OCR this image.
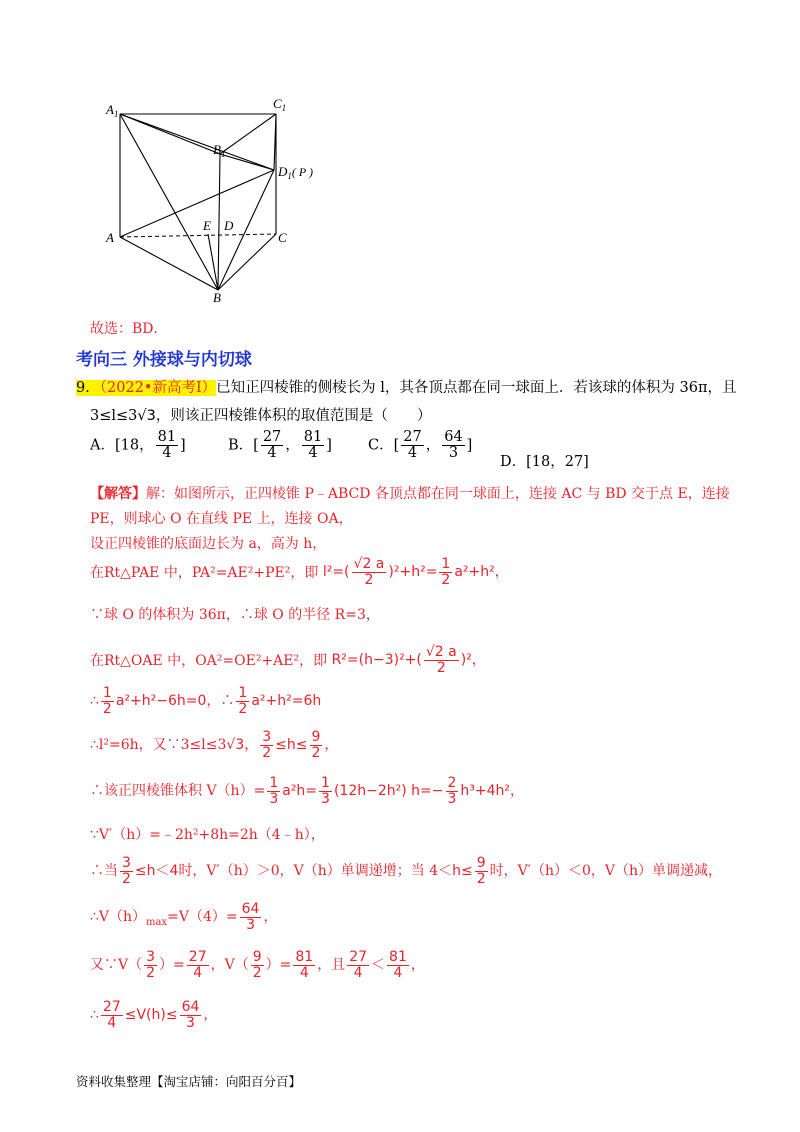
$A_1$
$C_1$
$B_1$
$D_1$( P )
A
E D
C
B
故选：BD．
考向三 外接球与内切球
9．（2022•新高考Ⅰ）已知正四棱锥的侧棱长为 l，其各顶点都在同一球面上．若该球的体积为 36π，且
3≤l≤3√3，则该正四棱锥体积的取值范围是（　　）
A．[18， $\frac{81}{4}$ ]	B．[ $\frac{27}{4}$ ， $\frac{81}{4}$ ] C．[ $\frac{27}{4}$ ， $\frac{64}{3}$ ]
D．[18，27]
【解答】解：如图所示，正四棱锥 P﹣ABCD 各顶点都在同一球面上，连接 AC 与 BD 交于点 E，连接
PE，则球心 O 在直线 PE 上，连接 OA，
设正四棱锥的底面边长为 a，高为 h，
在Rt△PAE 中，PA²=AE²+PE²，即 $l^2=( \frac{√2 a}{2} )^2+h^2= \frac{1}{2} a^2+h^2$，
∵球 O 的体积为 36π，∴球 O 的半径 R=3，
在Rt△OAE 中，OA²=OE²+AE²，即 $R^2=(h-3)^2+( \frac{√2 a}{2} )^2$，
∴ $\frac{1}{2} a^2+h^2-6h=0$，∴ $\frac{1}{2} a^2+h^2=6h$
∴l²=6h，又∵3≤l≤3√3， $\frac{3}{2} \le h\le \frac{9}{2}$ ，
∴该正四棱锥体积 $V(h)= \frac{1}{3} a^2h= \frac{1}{3} (12h-2h^2)$ $h=- \frac{2}{3} h^3+4h^2$，
∵V′（h）=﹣2h²+8h=2h（4﹣h），
∴当 $\frac{3}{2} \le h<4$时，V′（h）＞0，V（h）单调递增；当 $4<h\le \frac{9}{2}$ 时，V′（h）＜0，V（h）单调递减，
$\therefore V(h)_{max}=V(4)= \frac{64}{3}$ ，
又∵V（ $\frac{3}{2}$ ）= $\frac{27}{4}$ ，$V( \frac{9}{2}$ ）= $\frac{81}{4}$ ，且 $\frac{27}{4} < \frac{81}{4}$ ，
∴ $\frac{27}{4} \le V(h)\le \frac{64}{3}$ ，
资料收集整理【淘宝店铺：向阳百分百】
